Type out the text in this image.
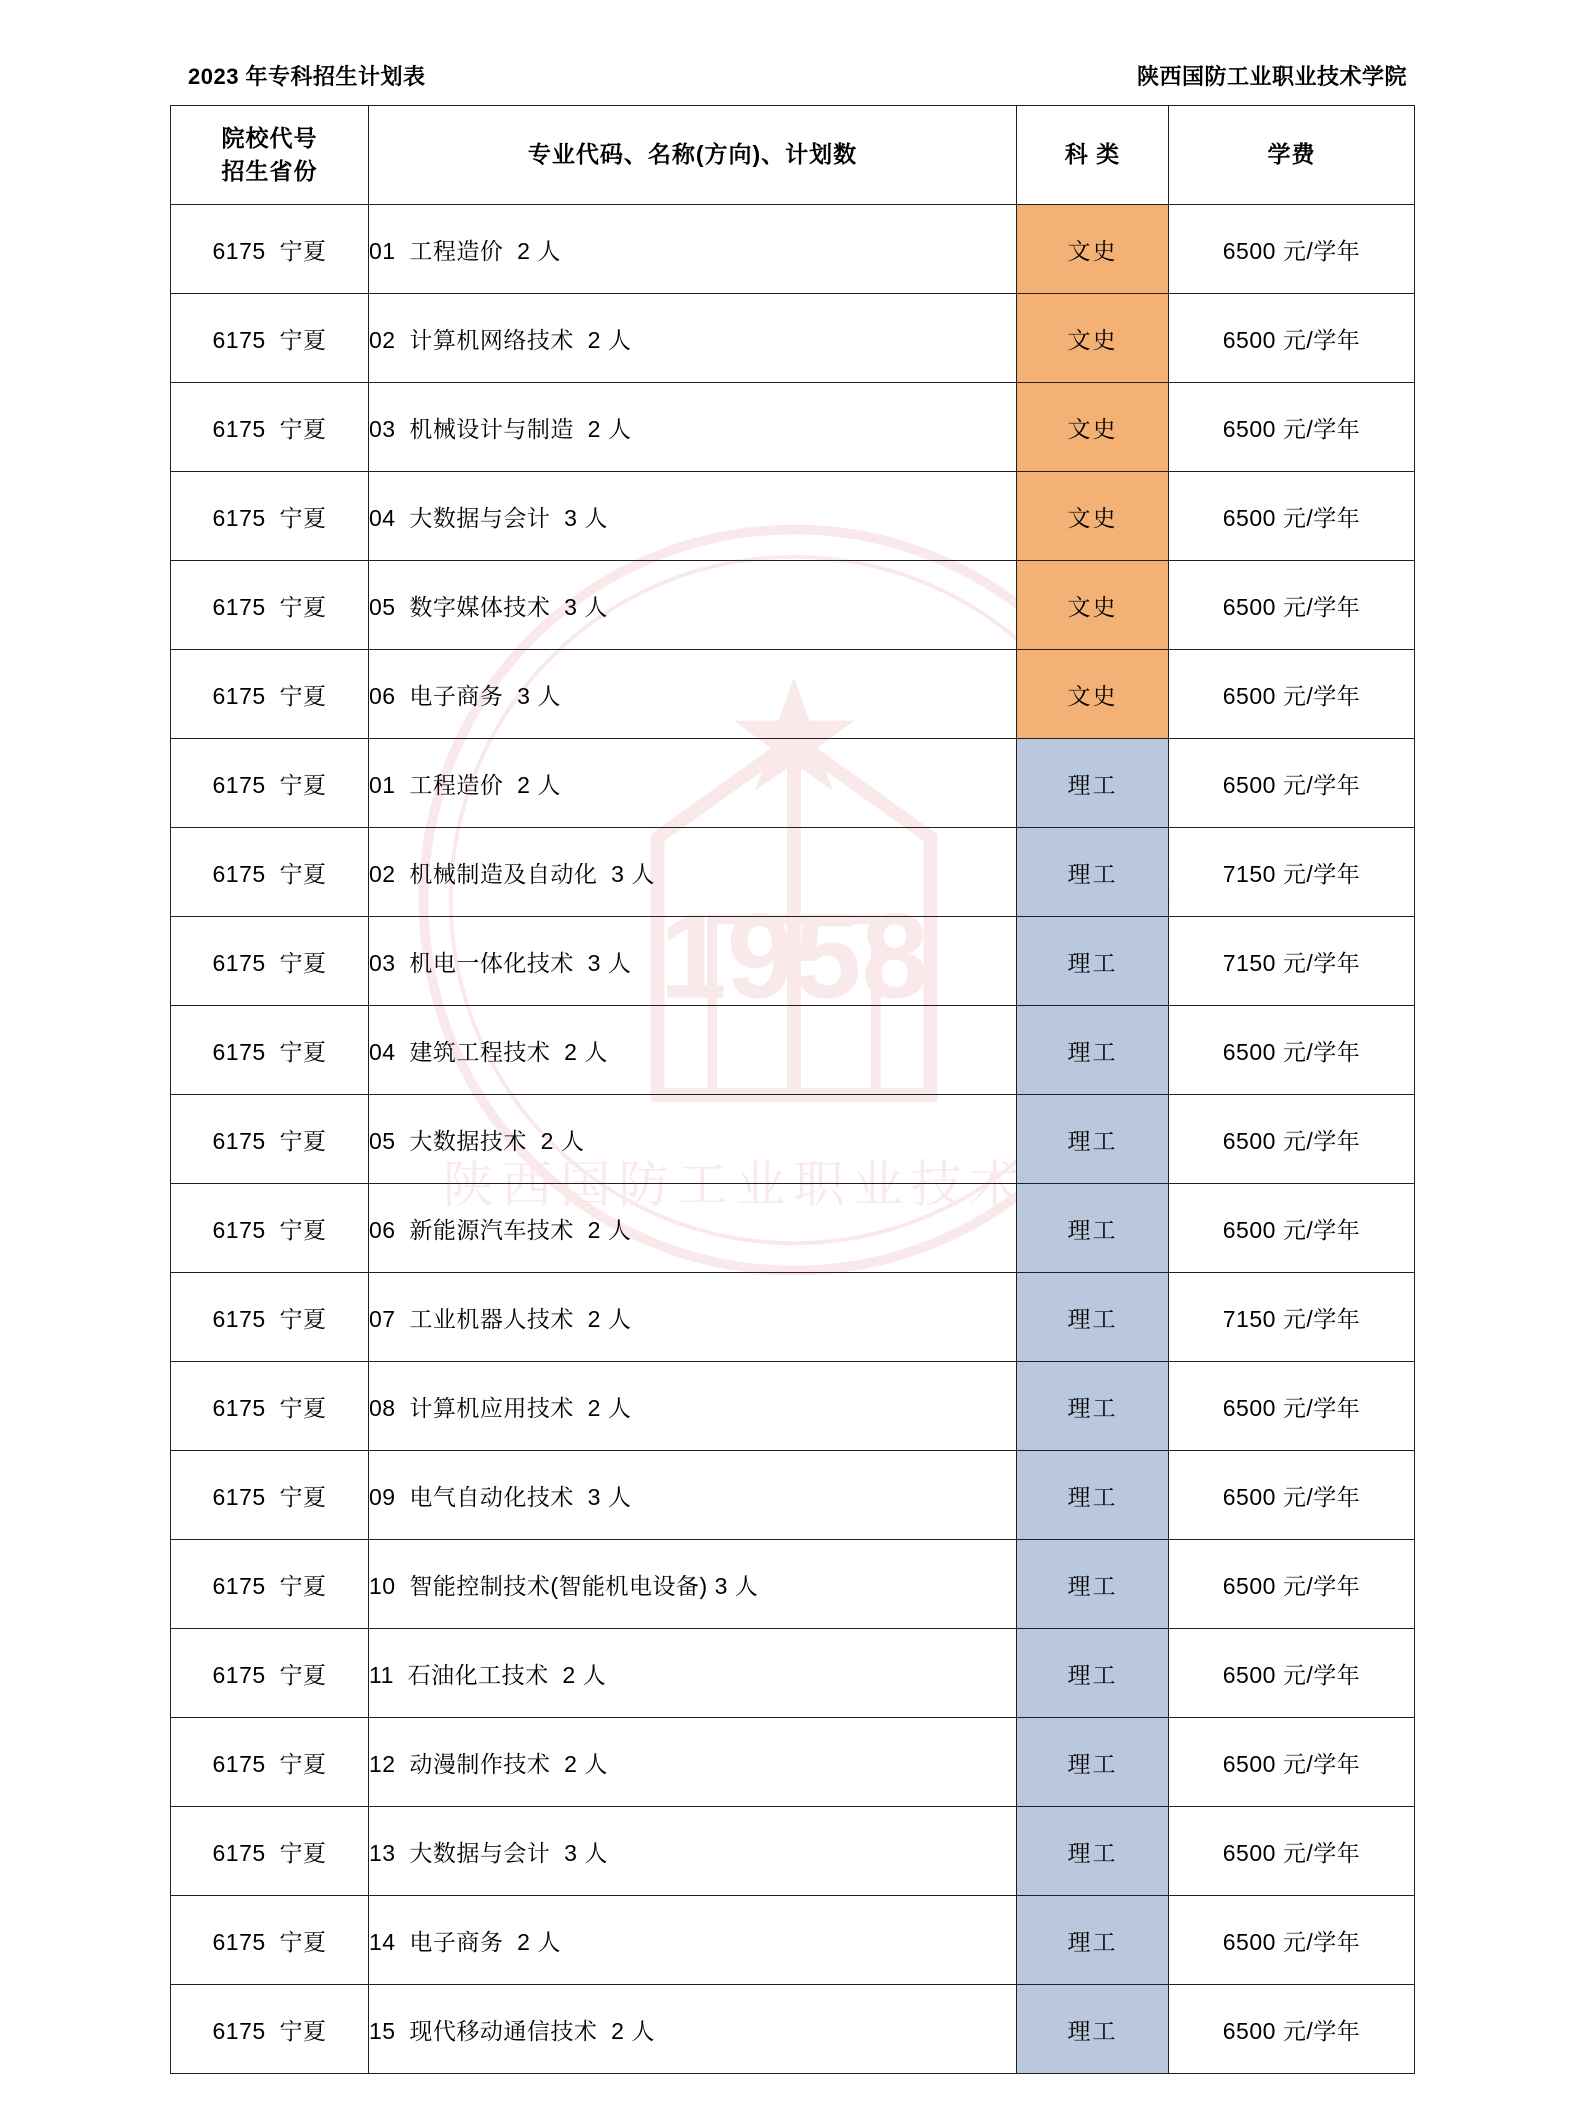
1958
陕西国防工业职业技术学院
2023 年专科招生计划表	陕西国防工业职业技术学院
院校代号
招生省份	专业代码、名称(方向)、计划数	科 类	学费
6175  宁夏	01  工程造价  2 人	文史	6500 元/学年
6175  宁夏	02  计算机网络技术  2 人	文史	6500 元/学年
6175  宁夏	03  机械设计与制造  2 人	文史	6500 元/学年
6175  宁夏	04  大数据与会计  3 人	文史	6500 元/学年
6175  宁夏	05  数字媒体技术  3 人	文史	6500 元/学年
6175  宁夏	06  电子商务  3 人	文史	6500 元/学年
6175  宁夏	01  工程造价  2 人	理工	6500 元/学年
6175  宁夏	02  机械制造及自动化  3 人	理工	7150 元/学年
6175  宁夏	03  机电一体化技术  3 人	理工	7150 元/学年
6175  宁夏	04  建筑工程技术  2 人	理工	6500 元/学年
6175  宁夏	05  大数据技术  2 人	理工	6500 元/学年
6175  宁夏	06  新能源汽车技术  2 人	理工	6500 元/学年
6175  宁夏	07  工业机器人技术  2 人	理工	7150 元/学年
6175  宁夏	08  计算机应用技术  2 人	理工	6500 元/学年
6175  宁夏	09  电气自动化技术  3 人	理工	6500 元/学年
6175  宁夏	10  智能控制技术(智能机电设备) 3 人	理工	6500 元/学年
6175  宁夏	11  石油化工技术  2 人	理工	6500 元/学年
6175  宁夏	12  动漫制作技术  2 人	理工	6500 元/学年
6175  宁夏	13  大数据与会计  3 人	理工	6500 元/学年
6175  宁夏	14  电子商务  2 人	理工	6500 元/学年
6175  宁夏	15  现代移动通信技术  2 人	理工	6500 元/学年
